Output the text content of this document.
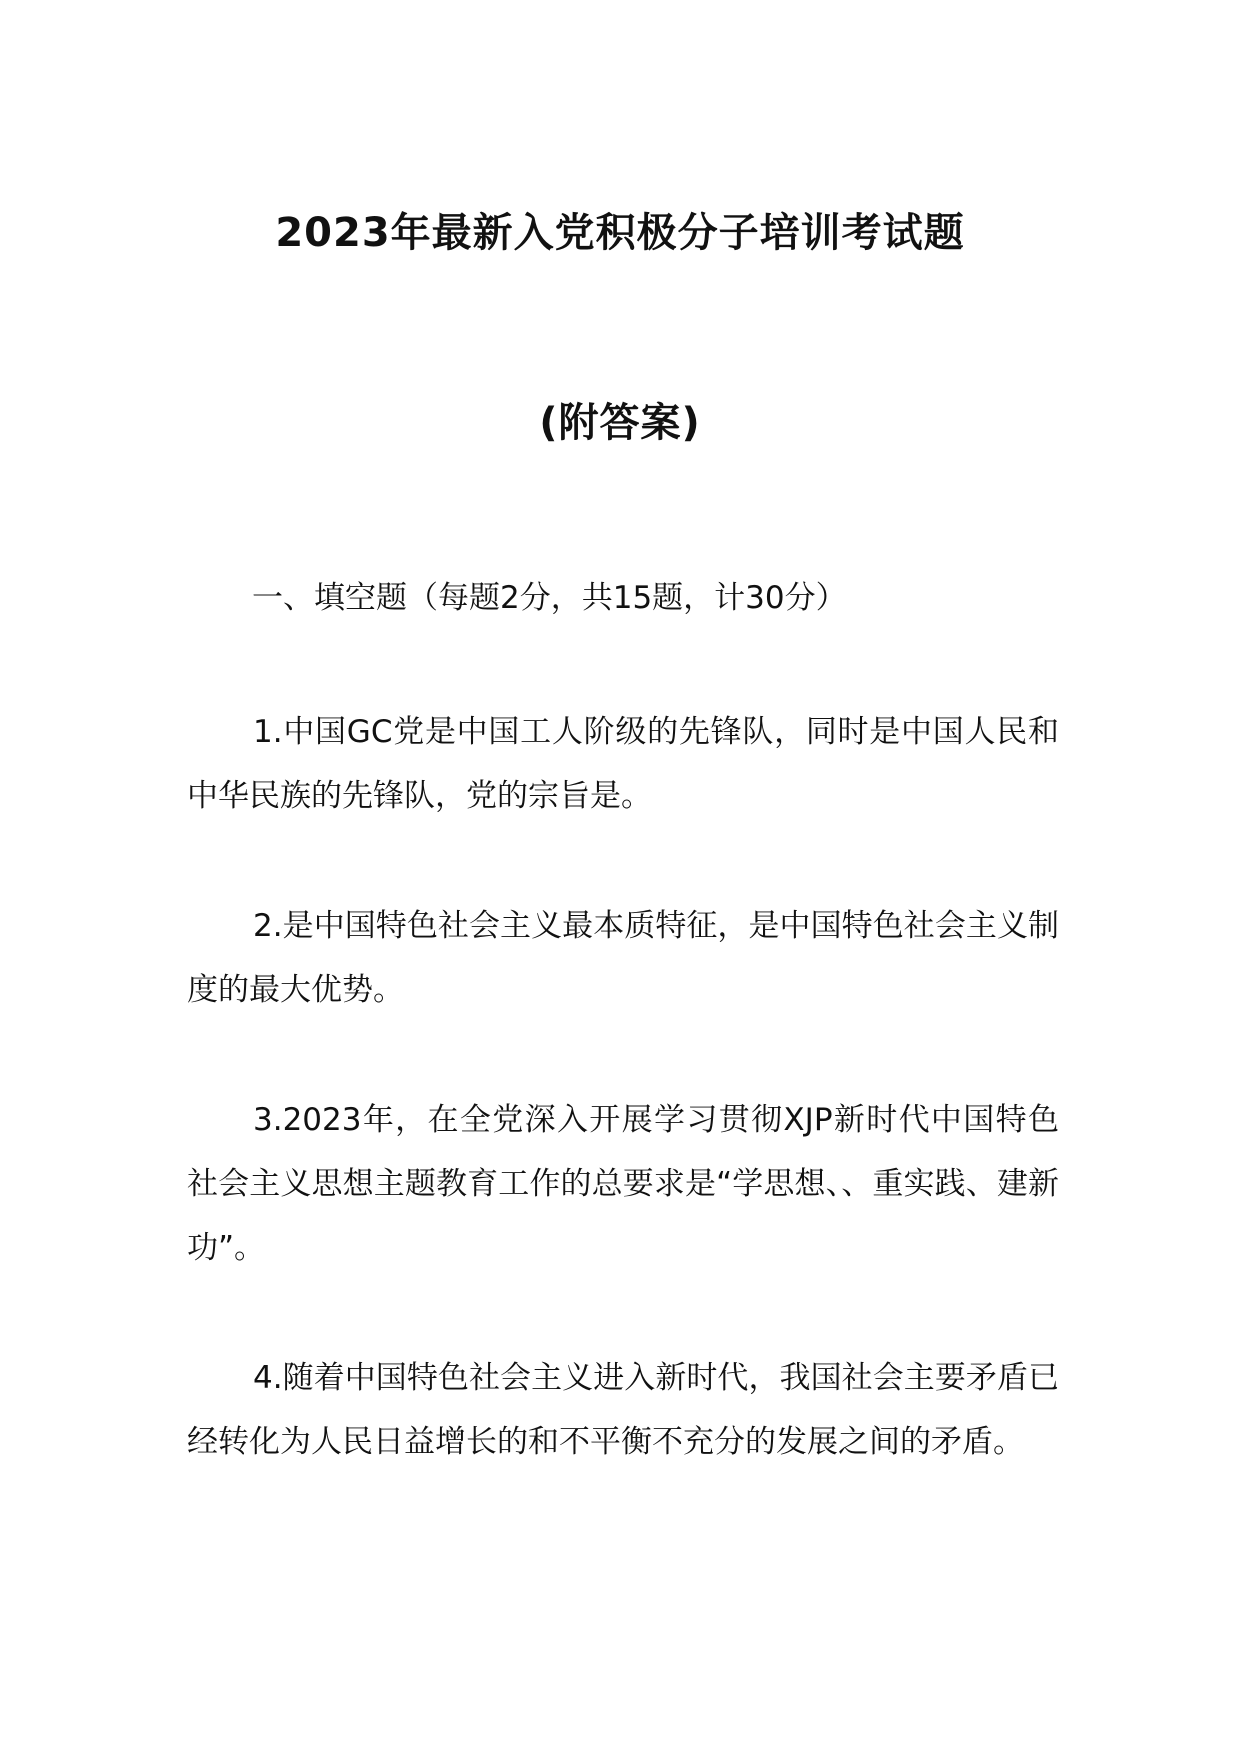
2023年最新入党积极分子培训考试题
(附答案)

一、填空题（每题2分，共15题，计30分）

1.中国GC党是中国工人阶级的先锋队，同时是中国人民和中华民族的先锋队，党的宗旨是。

2.是中国特色社会主义最本质特征，是中国特色社会主义制度的最大优势。

3.2023年，在全党深入开展学习贯彻XJP新时代中国特色社会主义思想主题教育工作的总要求是“学思想、、重实践、建新功”。

4.随着中国特色社会主义进入新时代，我国社会主要矛盾已经转化为人民日益增长的和不平衡不充分的发展之间的矛盾。
